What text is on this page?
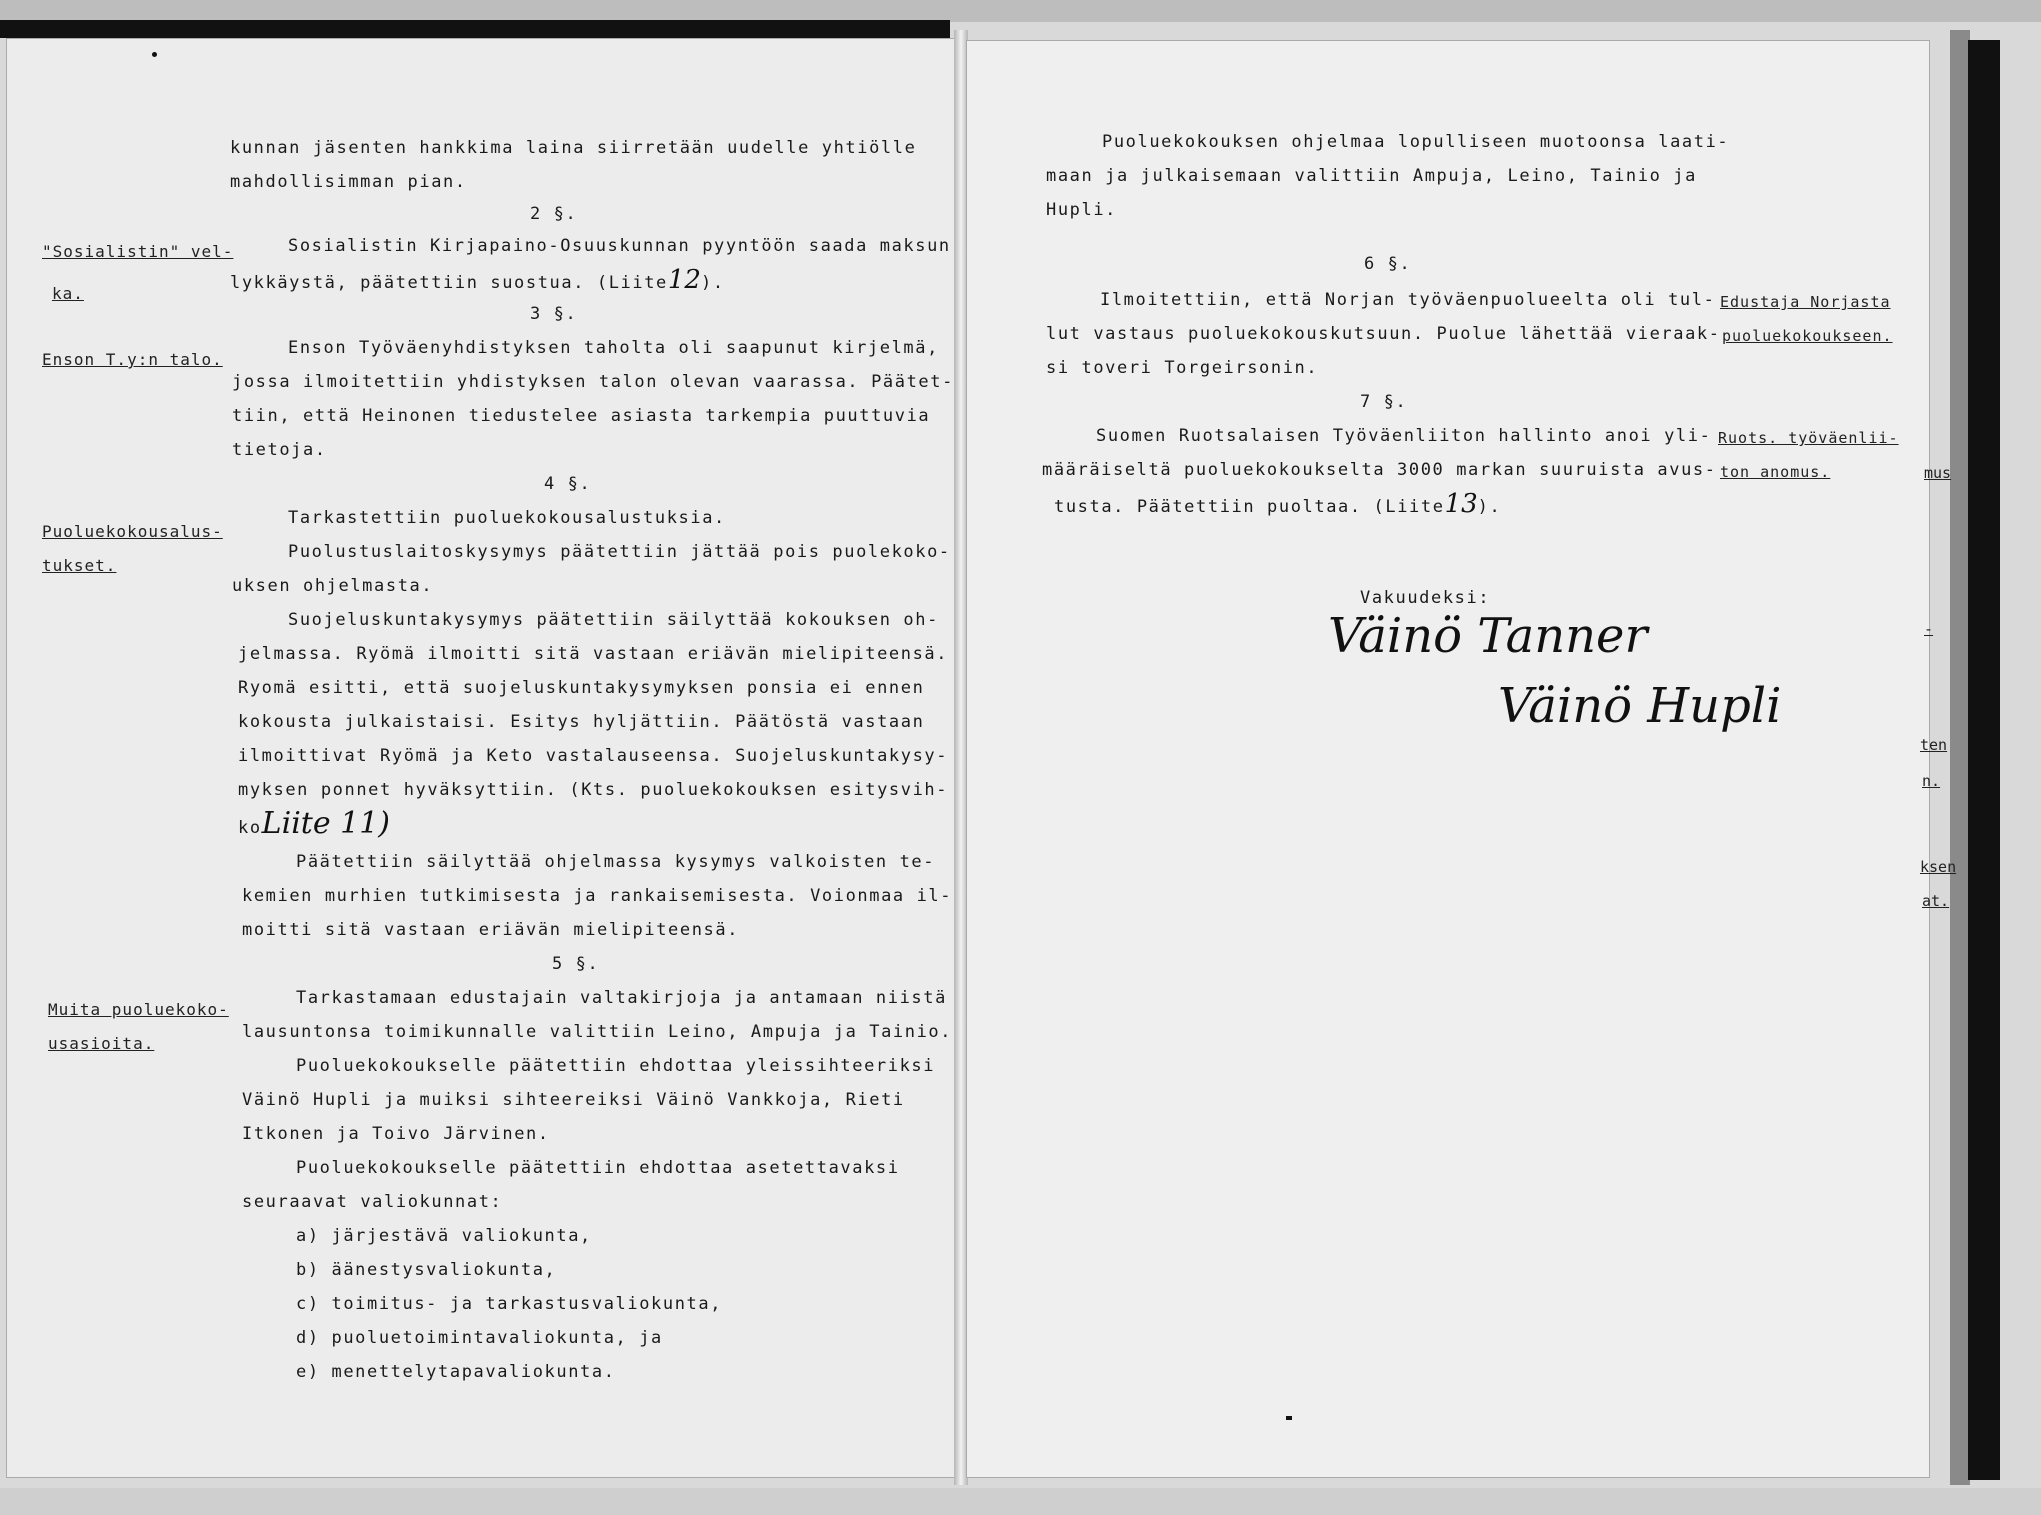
"Sosialistin" vel-
ka.
Enson T.y:n talo.
Puoluekokousalus-
tukset.
Muita puoluekoko-
usasioita.
kunnan jäsenten hankkima laina siirretään uudelle yhtiölle
mahdollisimman pian.
2 §.
Sosialistin Kirjapaino-Osuuskunnan pyyntöön saada maksun
lykkäystä, päätettiin suostua. (Liite12).
3 §.
Enson Työväenyhdistyksen taholta oli saapunut kirjelmä,
jossa ilmoitettiin yhdistyksen talon olevan vaarassa. Päätet-
tiin, että Heinonen tiedustelee asiasta tarkempia puuttuvia
tietoja.
4 §.
Tarkastettiin puoluekokousalustuksia.
Puolustuslaitoskysymys päätettiin jättää pois puolekoko-
uksen ohjelmasta.
Suojeluskuntakysymys päätettiin säilyttää kokouksen oh-
jelmassa. Ryömä ilmoitti sitä vastaan eriävän mielipiteensä.
Ryomä esitti, että suojeluskuntakysymyksen ponsia ei ennen
kokousta julkaistaisi. Esitys hyljättiin. Päätöstä vastaan
ilmoittivat Ryömä ja Keto vastalauseensa. Suojeluskuntakysy-
myksen ponnet hyväksyttiin. (Kts. puoluekokouksen esitysvih-
koLiite 11)
Päätettiin säilyttää ohjelmassa kysymys valkoisten te-
kemien murhien tutkimisesta ja rankaisemisesta. Voionmaa il-
moitti sitä vastaan eriävän mielipiteensä.
5 §.
Tarkastamaan edustajain valtakirjoja ja antamaan niistä
lausuntonsa toimikunnalle valittiin Leino, Ampuja ja Tainio.
Puoluekokoukselle päätettiin ehdottaa yleissihteeriksi
Väinö Hupli ja muiksi sihteereiksi Väinö Vankkoja, Rieti
Itkonen ja Toivo Järvinen.
Puoluekokoukselle päätettiin ehdottaa asetettavaksi
seuraavat valiokunnat:
a) järjestävä valiokunta,
b) äänestysvaliokunta,
c) toimitus- ja tarkastusvaliokunta,
d) puoluetoimintavaliokunta, ja
e) menettelytapavaliokunta.
Puoluekokouksen ohjelmaa lopulliseen muotoonsa laati-
maan ja julkaisemaan valittiin Ampuja, Leino, Tainio ja
Hupli.
6 §.
Ilmoitettiin, että Norjan työväenpuolueelta oli tul-
lut vastaus puoluekokouskutsuun. Puolue lähettää vieraak-
si toveri Torgeirsonin.
7 §.
Suomen Ruotsalaisen Työväenliiton hallinto anoi yli-
määräiseltä puoluekokoukselta 3000 markan suuruista avus-
tusta. Päätettiin puoltaa. (Liite13).
Edustaja Norjasta
puoluekokoukseen.
Ruots. työväenlii-
ton anomus.
Vakuudeksi:
Väinö Tanner
Väinö Hupli
mus
-
ten
n.
ksen
at.
